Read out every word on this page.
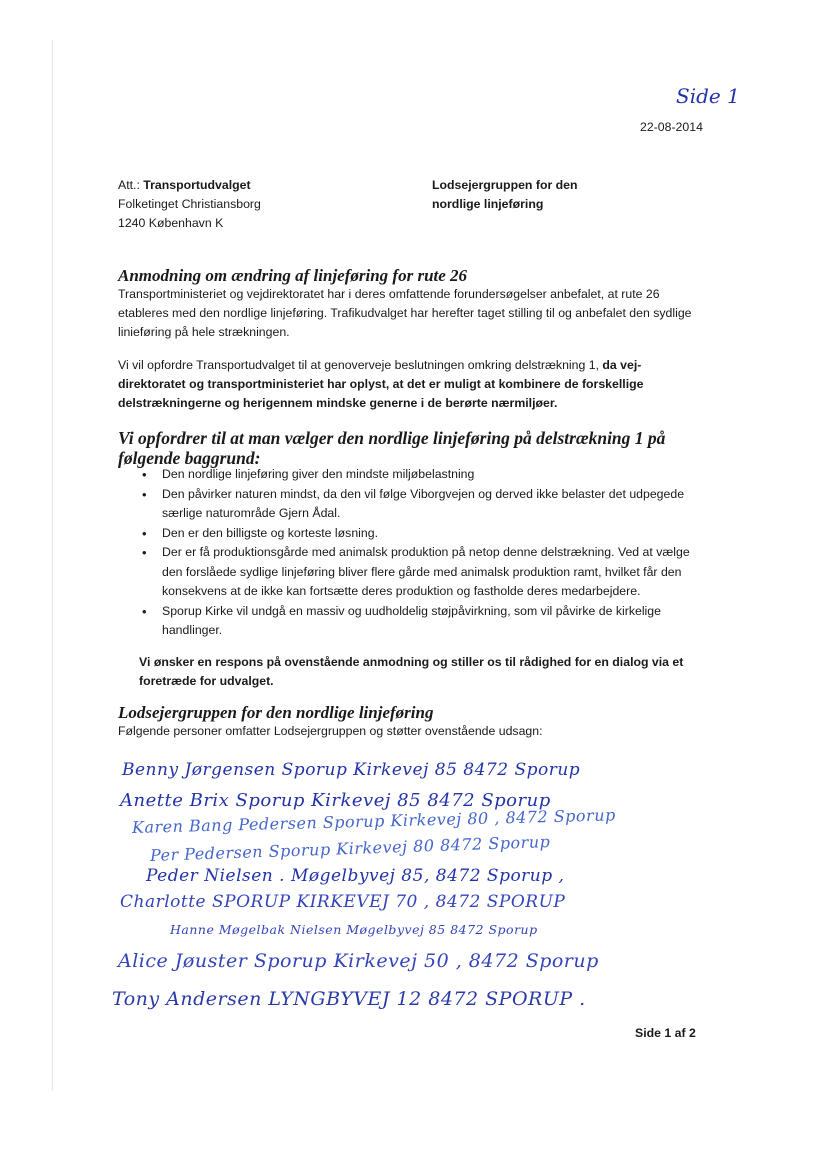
Side 1
22-08-2014
Att.: Transportudvalget
Folketinget Christiansborg
1240 København K
Lodsejergruppen for den
nordlige linjeføring
Anmodning om ændring af linjeføring for rute 26
Transportministeriet og vejdirektoratet har i deres omfattende forundersøgelser anbefalet, at rute 26
etableres med den nordlige linjeføring. Trafikudvalget har herefter taget stilling til og anbefalet den sydlige
linieføring på hele strækningen.
Vi vil opfordre Transportudvalget til at genoverveje beslutningen omkring delstrækning 1, da vej-
direktoratet og transportministeriet har oplyst, at det er muligt at kombinere de forskellige
delstrækningerne og herigennem mindske generne i de berørte nærmiljøer.
Vi opfordrer til at man vælger den nordlige linjeføring på delstrækning 1 på
følgende baggrund:
• Den nordlige linjeføring giver den mindste miljøbelastning
• Den påvirker naturen mindst, da den vil følge Viborgvejen og derved ikke belaster det udpegede særlige naturområde Gjern Ådal.
• Den er den billigste og korteste løsning.
• Der er få produktionsgårde med animalsk produktion på netop denne delstrækning. Ved at vælge den forslåede sydlige linjeføring bliver flere gårde med animalsk produktion ramt, hvilket får den konsekvens at de ikke kan fortsætte deres produktion og fastholde deres medarbejdere.
• Sporup Kirke vil undgå en massiv og uudholdelig støjpåvirkning, som vil påvirke de kirkelige handlinger.
Vi ønsker en respons på ovenstående anmodning og stiller os til rådighed for en dialog via et
foretræde for udvalget.
Lodsejergruppen for den nordlige linjeføring
Følgende personer omfatter Lodsejergruppen og støtter ovenstående udsagn:
Benny Jørgensen Sporup Kirkevej 85 8472 Sporup
Anette Brix Sporup Kirkevej 85 8472 Sporup
Karen Bang Pedersen Sporup Kirkevej 80 , 8472 Sporup
Per Pedersen Sporup Kirkevej 80 8472 Sporup
Peder Nielsen . Møgelbyvej 85, 8472 Sporup ,
Charlotte SPORUP KIRKEVEJ 70 , 8472 SPORUP
Hanne Møgelbak Nielsen Møgelbyvej 85 8472 Sporup
Alice Jøuster Sporup Kirkevej 50 , 8472 Sporup
Tony Andersen LYNGBYVEJ 12 8472 SPORUP .
Side 1 af 2
